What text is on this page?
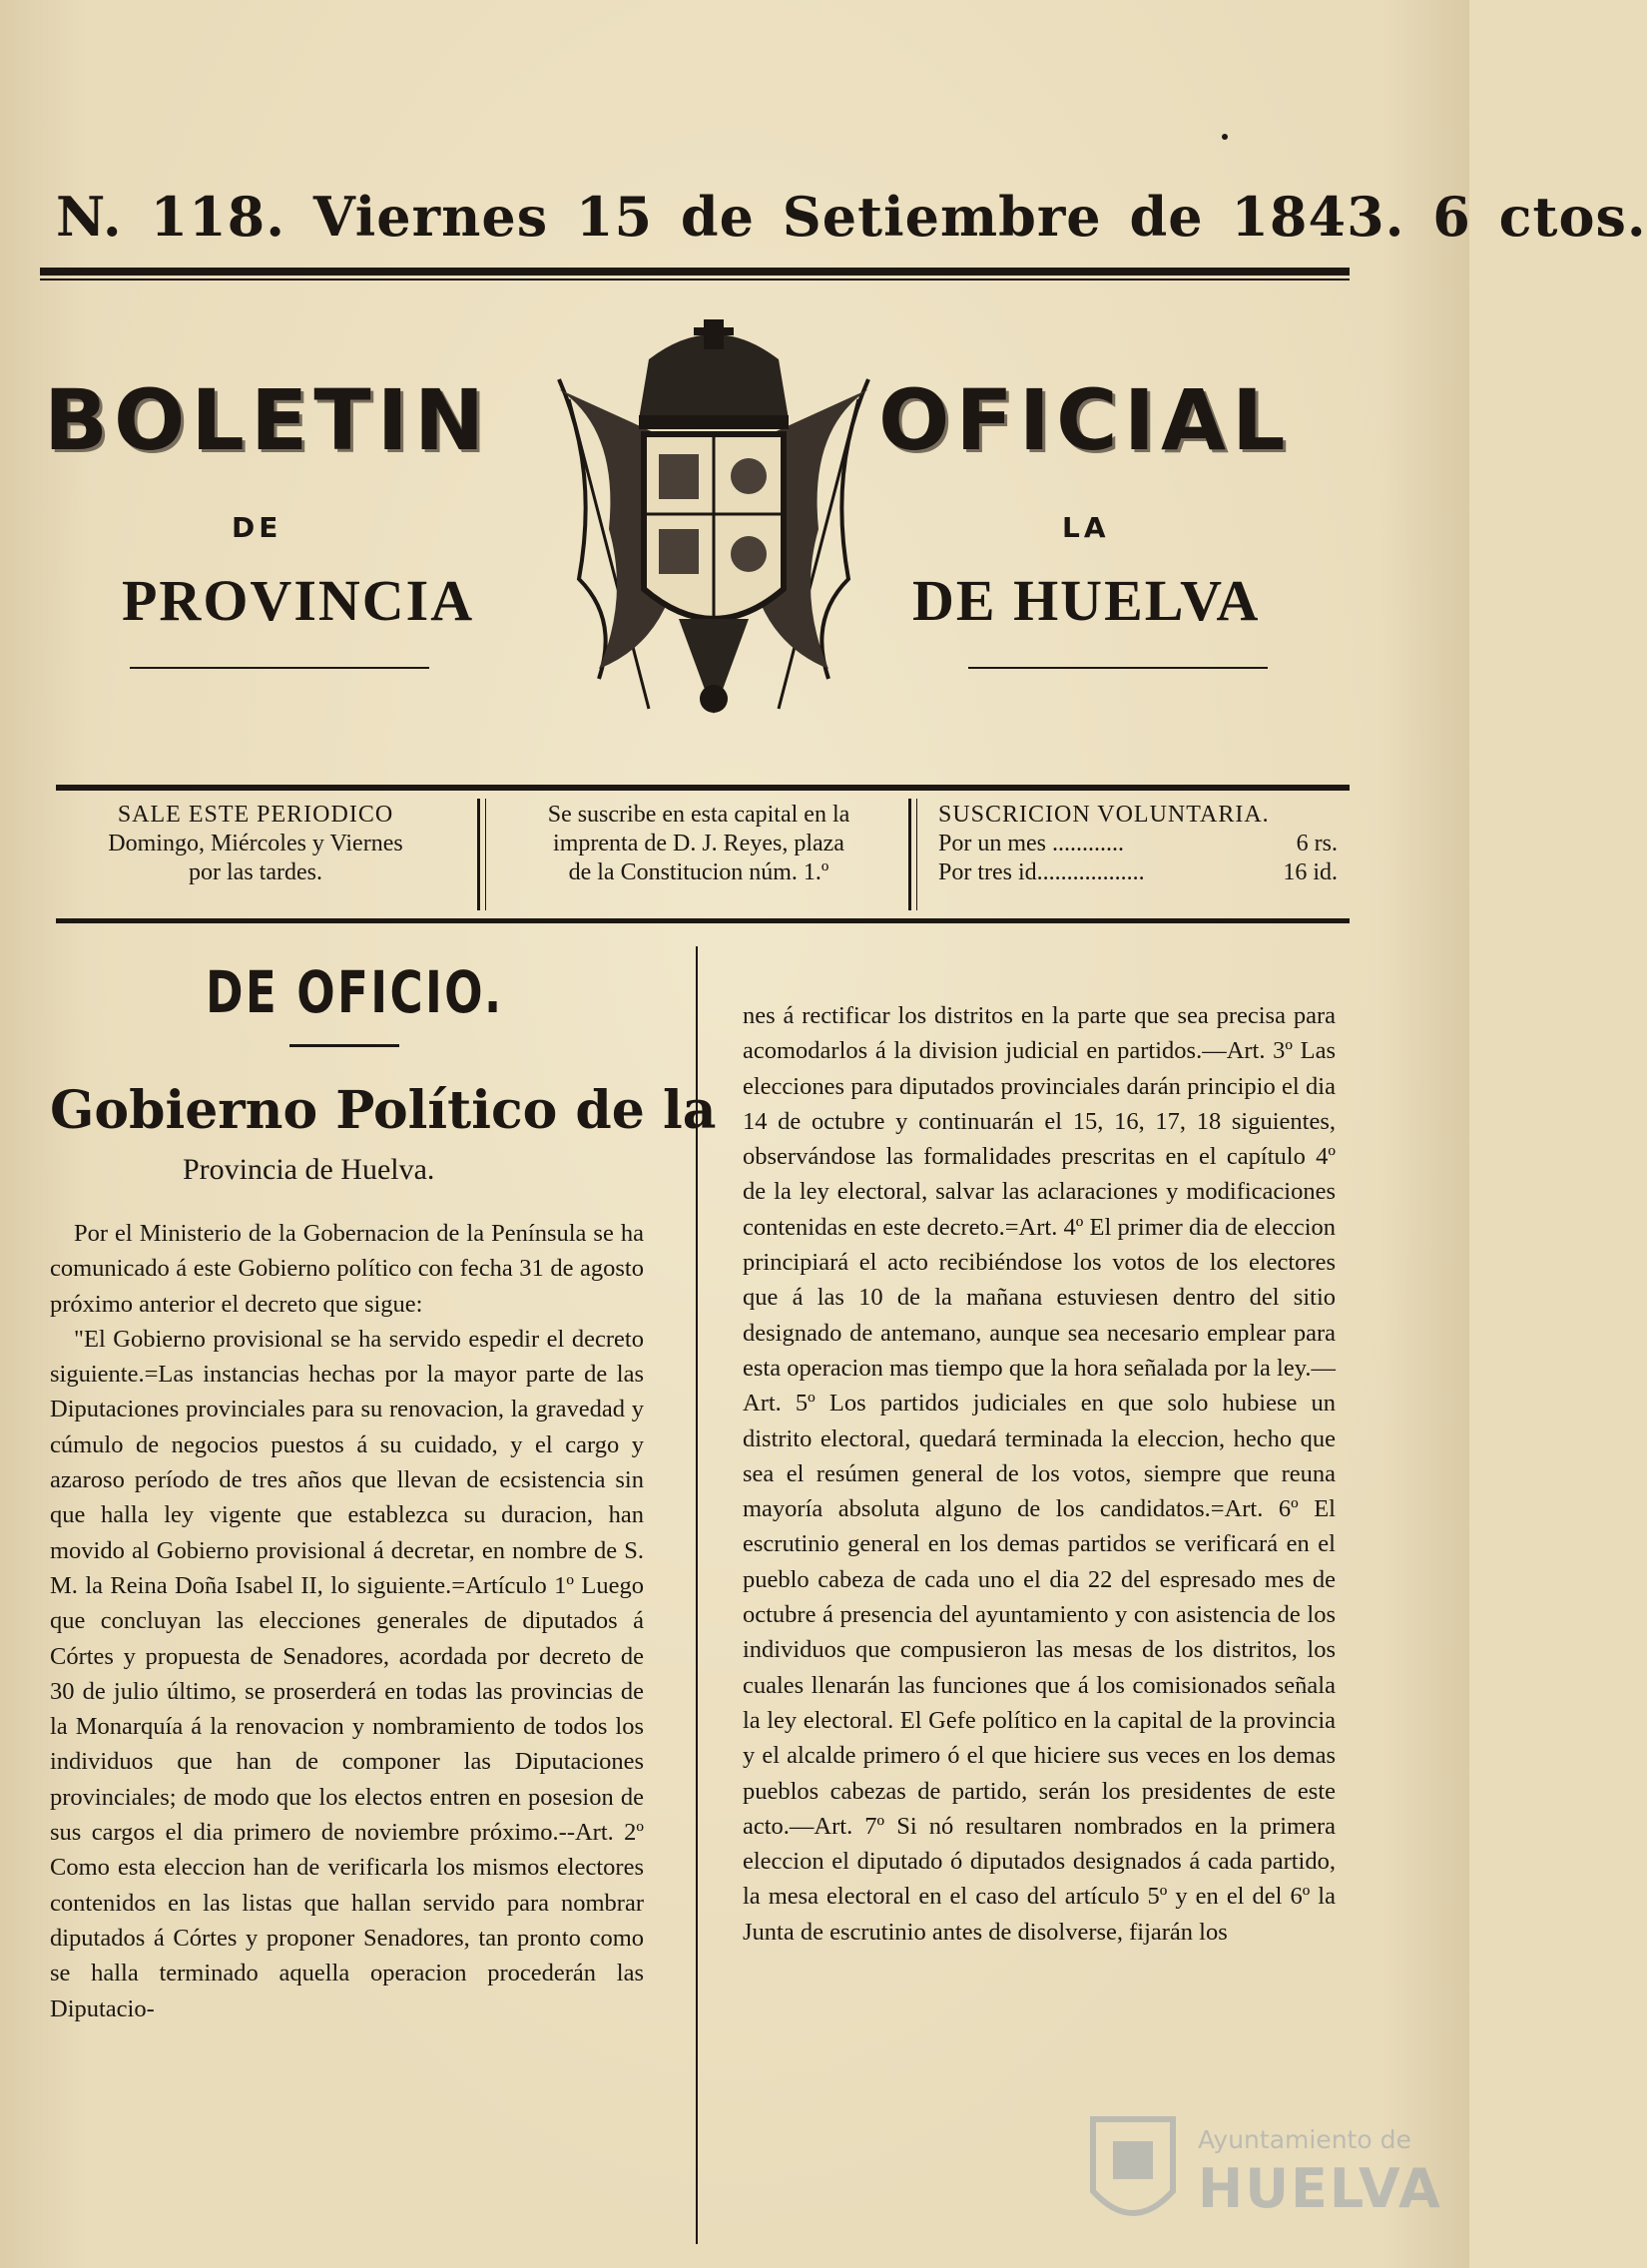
N. 118. Viernes 15 de Setiembre de 1843. 6 ctos.
BOLETIN	OFICIAL
DE	LA
PROVINCIA	DE HUELVA
SALE ESTE PERIODICO
Domingo, Miércoles y Viernes
por las tardes.
Se suscribe en esta capital en la
imprenta de D. J. Reyes, plaza
de la Constitucion núm. 1.º
SUSCRICION VOLUNTARIA.
Por un mes ............	6 rs.
Por tres id..................	16 id.
DE OFICIO.
Gobierno Político de la
Provincia de Huelva.

Por el Ministerio de la Gobernacion de la Península se ha comunicado á este Gobierno político con fecha 31 de agosto próximo anterior el decreto que sigue:

"El Gobierno provisional se ha servido espedir el decreto siguiente.=Las instancias hechas por la mayor parte de las Diputaciones provinciales para su renovacion, la gravedad y cúmulo de negocios puestos á su cuidado, y el cargo y azaroso período de tres años que llevan de ecsistencia sin que halla ley vigente que establezca su duracion, han movido al Gobierno provisional á decretar, en nombre de S. M. la Reina Doña Isabel II, lo siguiente.=Artículo 1º Luego que concluyan las elecciones generales de diputados á Córtes y propuesta de Senadores, acordada por decreto de 30 de julio último, se proserderá en todas las provincias de la Monarquía á la renovacion y nombramiento de todos los individuos que han de componer las Diputaciones provinciales; de modo que los electos entren en posesion de sus cargos el dia primero de noviembre próximo.--Art. 2º Como esta eleccion han de verificarla los mismos electores contenidos en las listas que hallan servido para nombrar diputados á Córtes y proponer Senadores, tan pronto como se halla terminado aquella operacion procederán las Diputacio-

nes á rectificar los distritos en la parte que sea precisa para acomodarlos á la division judicial en partidos.—Art. 3º Las elecciones para diputados provinciales darán principio el dia 14 de octubre y continuarán el 15, 16, 17, 18 siguientes, observándose las formalidades prescritas en el capítulo 4º de la ley electoral, salvar las aclaraciones y modificaciones contenidas en este decreto.=Art. 4º El primer dia de eleccion principiará el acto recibiéndose los votos de los electores que á las 10 de la mañana estuviesen dentro del sitio designado de antemano, aunque sea necesario emplear para esta operacion mas tiempo que la hora señalada por la ley.—Art. 5º Los partidos judiciales en que solo hubiese un distrito electoral, quedará terminada la eleccion, hecho que sea el resúmen general de los votos, siempre que reuna mayoría absoluta alguno de los candidatos.=Art. 6º El escrutinio general en los demas partidos se verificará en el pueblo cabeza de cada uno el dia 22 del espresado mes de octubre á presencia del ayuntamiento y con asistencia de los individuos que compusieron las mesas de los distritos, los cuales llenarán las funciones que á los comisionados señala la ley electoral. El Gefe político en la capital de la provincia y el alcalde primero ó el que hiciere sus veces en los demas pueblos cabezas de partido, serán los presidentes de este acto.—Art. 7º Si nó resultaren nombrados en la primera eleccion el diputado ó diputados designados á cada partido, la mesa electoral en el caso del artículo 5º y en el del 6º la Junta de escrutinio antes de disolverse, fijarán los

Ayuntamiento de
HUELVA
